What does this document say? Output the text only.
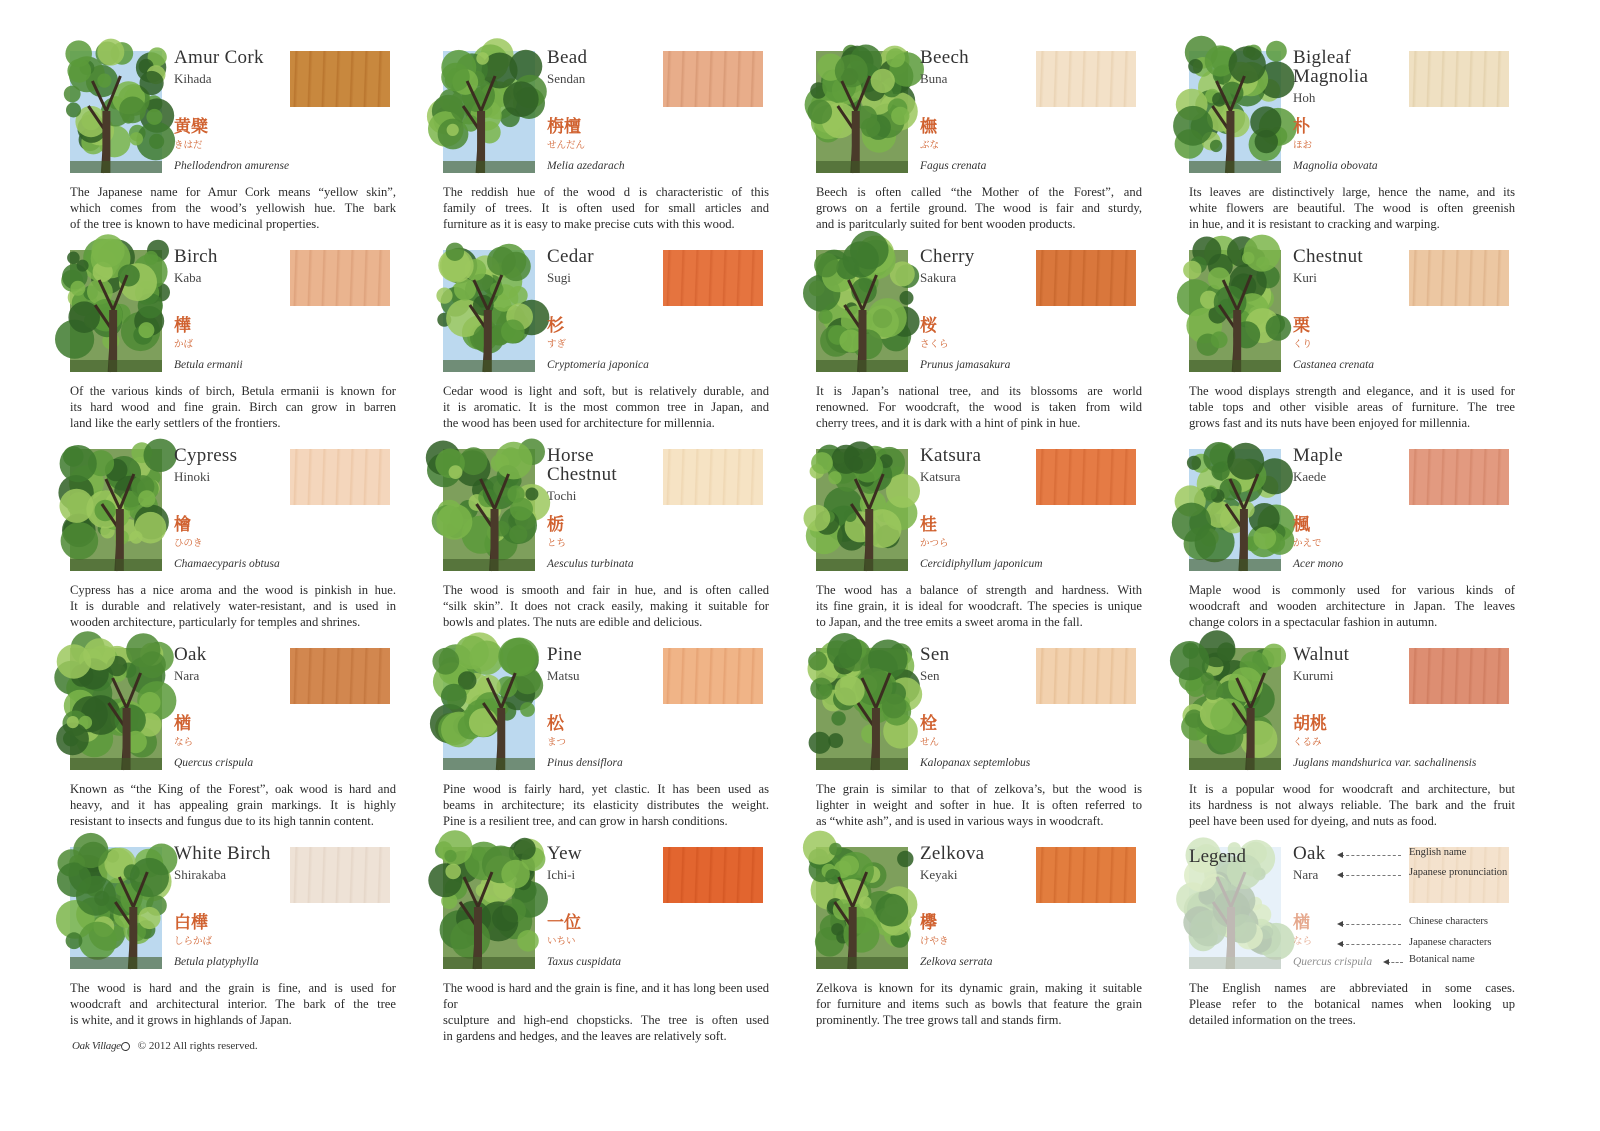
Amur Cork
Kihada
黄檗
きはだ
Phellodendron amurense
The Japanese name for Amur Cork means “yellow skin”,
which comes from the wood’s yellowish hue. The bark
of the tree is known to have medicinal properties.
Bead
Sendan
栴檀
せんだん
Melia azedarach
The reddish hue of the wood d is characteristic of this
family of trees. It is often used for small articles and
furniture as it is easy to make precise cuts with this wood.
Beech
Buna
橅
ぶな
Fagus crenata
Beech is often called “the Mother of the Forest”, and
grows on a fertile ground. The wood is fair and sturdy,
and is paritcularly suited for bent wooden products.
Bigleaf Magnolia
Hoh
朴
ほお
Magnolia obovata
Its leaves are distinctively large, hence the name, and its
white flowers are beautiful. The wood is often greenish
in hue, and it is resistant to cracking and warping.
Birch
Kaba
樺
かば
Betula ermanii
Of the various kinds of birch, Betula ermanii is known for
its hard wood and fine grain. Birch can grow in barren
land like the early settlers of the frontiers.
Cedar
Sugi
杉
すぎ
Cryptomeria japonica
Cedar wood is light and soft, but is relatively durable, and
it is aromatic. It is the most common tree in Japan, and
the wood has been used for architecture for millennia.
Cherry
Sakura
桜
さくら
Prunus jamasakura
It is Japan’s national tree, and its blossoms are world
renowned. For woodcraft, the wood is taken from wild
cherry trees, and it is dark with a hint of pink in hue.
Chestnut
Kuri
栗
くり
Castanea crenata
The wood displays strength and elegance, and it is used for
table tops and other visible areas of furniture. The tree
grows fast and its nuts have been enjoyed for millennia.
Cypress
Hinoki
檜
ひのき
Chamaecyparis obtusa
Cypress has a nice aroma and the wood is pinkish in hue.
It is durable and relatively water-resistant, and is used in
wooden architecture, particularly for temples and shrines.
Horse Chestnut
Tochi
栃
とち
Aesculus turbinata
The wood is smooth and fair in hue, and is often called
“silk skin”. It does not crack easily, making it suitable for
bowls and plates. The nuts are edible and delicious.
Katsura
Katsura
桂
かつら
Cercidiphyllum japonicum
The wood has a balance of strength and hardness. With
its fine grain, it is ideal for woodcraft. The species is unique
to Japan, and the tree emits a sweet aroma in the fall.
Maple
Kaede
楓
かえで
Acer mono
Maple wood is commonly used for various kinds of
woodcraft and wooden architecture in Japan. The leaves
change colors in a spectacular fashion in autumn.
Oak
Nara
楢
なら
Quercus crispula
Known as “the King of the Forest”, oak wood is hard and
heavy, and it has appealing grain markings. It is highly
resistant to insects and fungus due to its high tannin content.
Pine
Matsu
松
まつ
Pinus densiflora
Pine wood is fairly hard, yet clastic. It has been used as
beams in architecture; its elasticity distributes the weight.
Pine is a resilient tree, and can grow in harsh conditions.
Sen
Sen
栓
せん
Kalopanax septemlobus
The grain is similar to that of zelkova’s, but the wood is
lighter in weight and softer in hue. It is often referred to
as “white ash”, and is used in various ways in woodcraft.
Walnut
Kurumi
胡桃
くるみ
Juglans mandshurica var. sachalinensis
It is a popular wood for woodcraft and architecture, but
its hardness is not always reliable. The bark and the fruit
peel have been used for dyeing, and nuts as food.
White Birch
Shirakaba
白樺
しらかば
Betula platyphylla
The wood is hard and the grain is fine, and is used for
woodcraft and architectural interior. The bark of the tree
is white, and it grows in highlands of Japan.
Yew
Ichi-i
一位
いちい
Taxus cuspidata
The wood is hard and the grain is fine, and it has long been used for
sculpture and high-end chopsticks. The tree is often used
in gardens and hedges, and the leaves are relatively soft.
Zelkova
Keyaki
欅
けやき
Zelkova serrata
Zelkova is known for its dynamic grain, making it suitable
for furniture and items such as bowls that feature the grain
prominently. The tree grows tall and stands firm.
Legend Oak
Nara
楢
なら
Quercus crispula
English name
Japanese pronunciation
Chinese characters
Japanese characters
Botanical name
The English names are abbreviated in some cases.
Please refer to the botanical names when looking up
detailed information on the trees.
Oak Village	© 2012 All rights reserved.
